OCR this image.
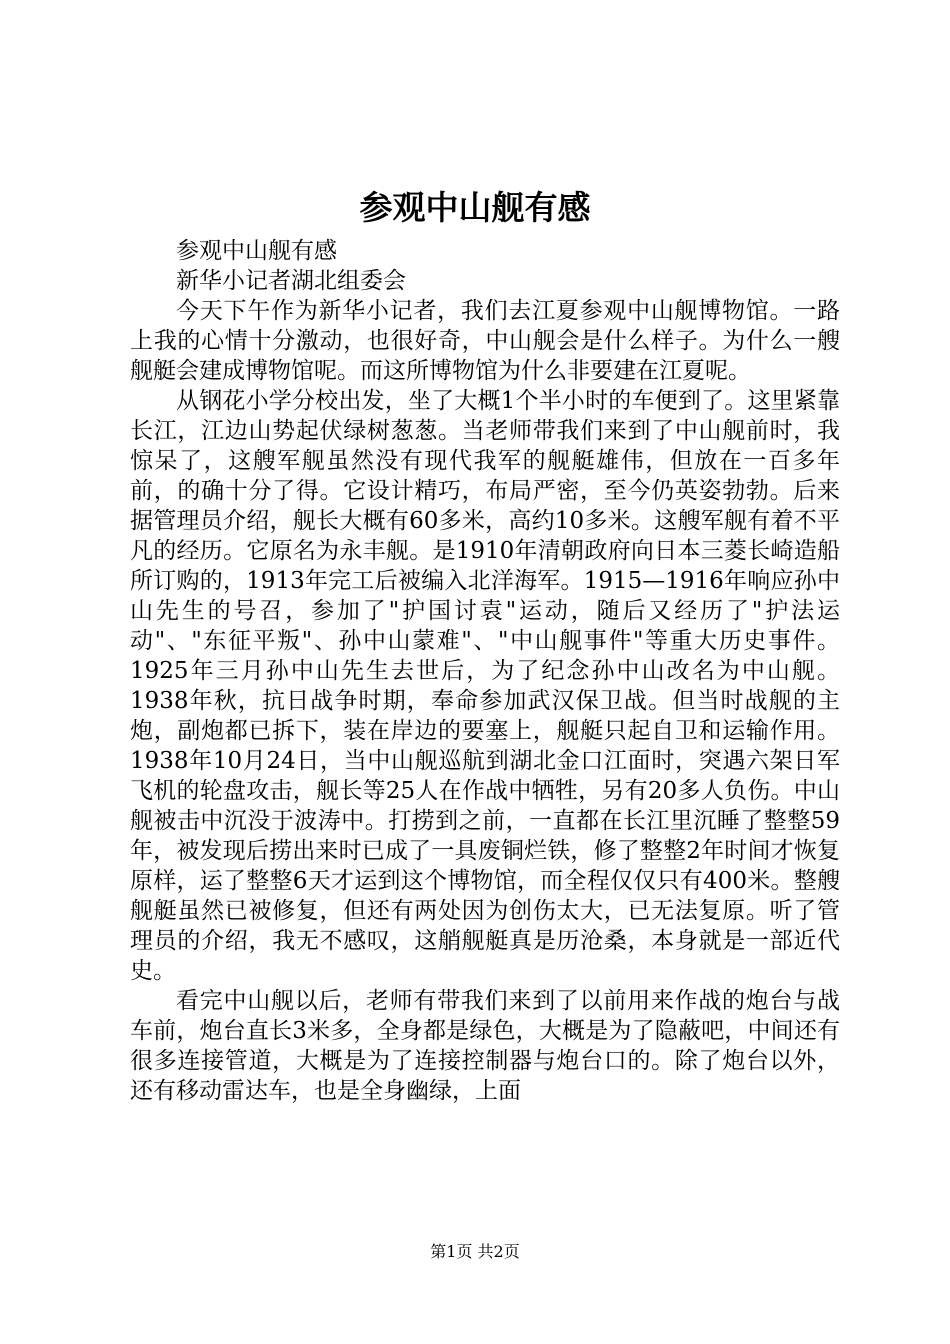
参观中山舰有感

参观中山舰有感

新华小记者湖北组委会

今天下午作为新华小记者，我们去江夏参观中山舰博物馆。一路上我的心情十分激动，也很好奇，中山舰会是什么样子。为什么一艘舰艇会建成博物馆呢。而这所博物馆为什么非要建在江夏呢。

从钢花小学分校出发，坐了大概1个半小时的车便到了。这里紧靠长江，江边山势起伏绿树葱葱。当老师带我们来到了中山舰前时，我惊呆了，这艘军舰虽然没有现代我军的舰艇雄伟，但放在一百多年前，的确十分了得。它设计精巧，布局严密，至今仍英姿勃勃。后来据管理员介绍，舰长大概有60多米，高约10多米。这艘军舰有着不平凡的经历。它原名为永丰舰。是1910年清朝政府向日本三菱长崎造船所订购的，1913年完工后被编入北洋海军。1915—1916年响应孙中山先生的号召，参加了"护国讨袁"运动，随后又经历了"护法运动"、"东征平叛"、孙中山蒙难"、"中山舰事件"等重大历史事件。1925年三月孙中山先生去世后，为了纪念孙中山改名为中山舰。1938年秋，抗日战争时期，奉命参加武汉保卫战。但当时战舰的主炮，副炮都已拆下，装在岸边的要塞上，舰艇只起自卫和运输作用。1938年10月24日，当中山舰巡航到湖北金口江面时，突遇六架日军飞机的轮盘攻击，舰长等25人在作战中牺牲，另有20多人负伤。中山舰被击中沉没于波涛中。打捞到之前，一直都在长江里沉睡了整整59年，被发现后捞出来时已成了一具废铜烂铁，修了整整2年时间才恢复原样，运了整整6天才运到这个博物馆，而全程仅仅只有400米。整艘舰艇虽然已被修复，但还有两处因为创伤太大，已无法复原。听了管理员的介绍，我无不感叹，这艄舰艇真是历沧桑，本身就是一部近代史。

看完中山舰以后，老师有带我们来到了以前用来作战的炮台与战车前，炮台直长3米多，全身都是绿色，大概是为了隐蔽吧，中间还有很多连接管道，大概是为了连接控制器与炮台口的。除了炮台以外，还有移动雷达车，也是全身幽绿，上面

第1页 共2页
